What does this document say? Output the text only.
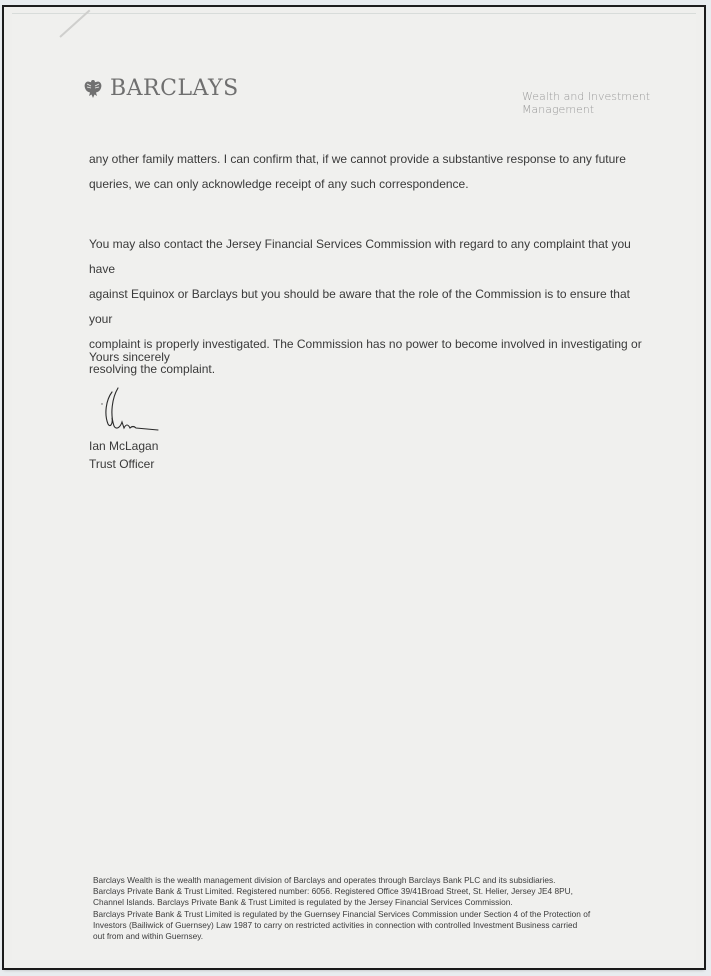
BARCLAYS	Wealth and Investment
Management
any other family matters. I can confirm that, if we cannot provide a substantive response to any future
queries, we can only acknowledge receipt of any such correspondence.
You may also contact the Jersey Financial Services Commission with regard to any complaint that you have
against Equinox or Barclays but you should be aware that the role of the Commission is to ensure that your
complaint is properly investigated. The Commission has no power to become involved in investigating or
resolving the complaint.
Yours sincerely
Ian McLagan
Trust Officer
Barclays Wealth is the wealth management division of Barclays and operates through Barclays Bank PLC and its subsidiaries.
Barclays Private Bank & Trust Limited. Registered number: 6056. Registered Office 39/41Broad Street, St. Helier, Jersey JE4 8PU,
Channel Islands. Barclays Private Bank & Trust Limited is regulated by the Jersey Financial Services Commission.
Barclays Private Bank & Trust Limited is regulated by the Guernsey Financial Services Commission under Section 4 of the Protection of
Investors (Bailiwick of Guernsey) Law 1987 to carry on restricted activities in connection with controlled Investment Business carried
out from and within Guernsey.
